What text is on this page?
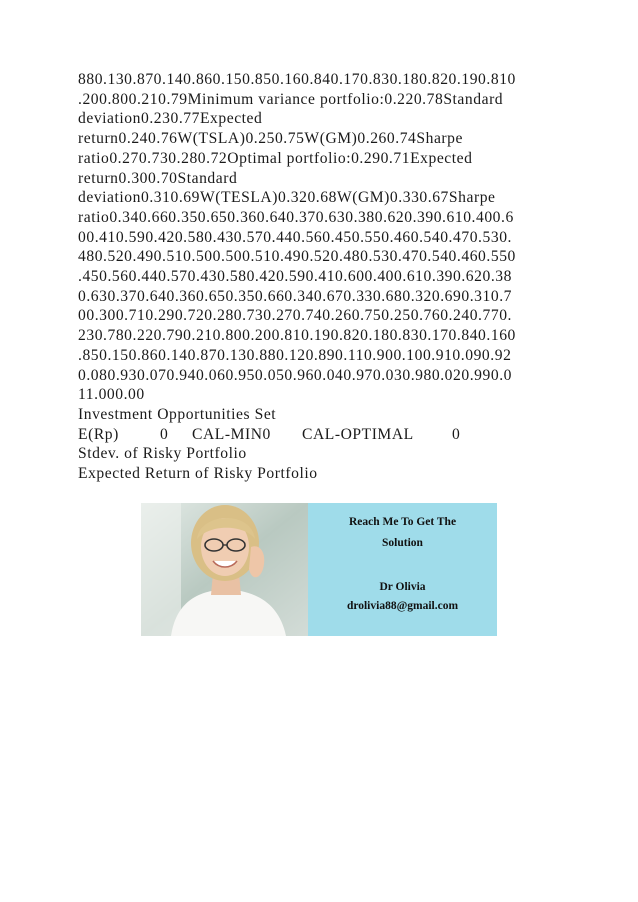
880.130.870.140.860.150.850.160.840.170.830.180.820.190.810
.200.800.210.79Minimum variance portfolio:0.220.78Standard
deviation0.230.77Expected
return0.240.76W(TSLA)0.250.75W(GM)0.260.74Sharpe
ratio0.270.730.280.72Optimal portfolio:0.290.71Expected
return0.300.70Standard
deviation0.310.69W(TESLA)0.320.68W(GM)0.330.67Sharpe
ratio0.340.660.350.650.360.640.370.630.380.620.390.610.400.6
00.410.590.420.580.430.570.440.560.450.550.460.540.470.530.
480.520.490.510.500.500.510.490.520.480.530.470.540.460.550
.450.560.440.570.430.580.420.590.410.600.400.610.390.620.38
0.630.370.640.360.650.350.660.340.670.330.680.320.690.310.7
00.300.710.290.720.280.730.270.740.260.750.250.760.240.770.
230.780.220.790.210.800.200.810.190.820.180.830.170.840.160
.850.150.860.140.870.130.880.120.890.110.900.100.910.090.92
0.080.930.070.940.060.950.050.960.040.970.030.980.020.990.0
11.000.00
Investment Opportunities Set
E(Rp)	0	CAL-MIN0	CAL-OPTIMAL	0
Stdev. of Risky Portfolio
Expected Return of Risky Portfolio
Reach Me To Get The
Solution
Dr Olivia
drolivia88@gmail.com
